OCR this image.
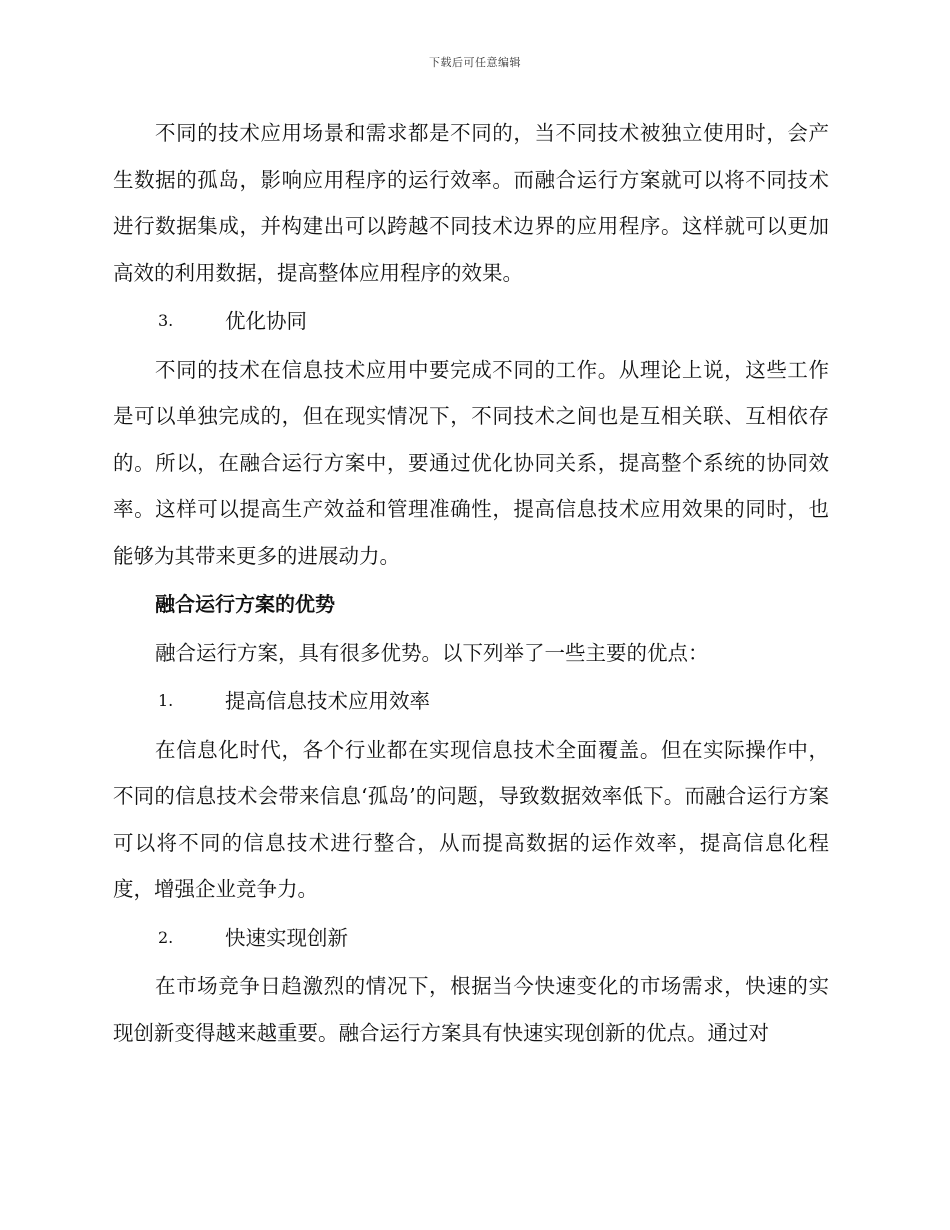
下载后可任意编辑

不同的技术应用场景和需求都是不同的，当不同技术被独立使用时，会产生数据的孤岛，影响应用程序的运行效率。而融合运行方案就可以将不同技术进行数据集成，并构建出可以跨越不同技术边界的应用程序。这样就可以更加高效的利用数据，提高整体应用程序的效果。

3.	优化协同

不同的技术在信息技术应用中要完成不同的工作。从理论上说，这些工作是可以单独完成的，但在现实情况下，不同技术之间也是互相关联、互相依存的。所以，在融合运行方案中，要通过优化协同关系，提高整个系统的协同效率。这样可以提高生产效益和管理准确性，提高信息技术应用效果的同时，也能够为其带来更多的进展动力。

融合运行方案的优势

融合运行方案，具有很多优势。以下列举了一些主要的优点：

1.	提高信息技术应用效率

在信息化时代，各个行业都在实现信息技术全面覆盖。但在实际操作中，不同的信息技术会带来信息‘孤岛’的问题，导致数据效率低下。而融合运行方案可以将不同的信息技术进行整合，从而提高数据的运作效率，提高信息化程度，增强企业竞争力。

2.	快速实现创新

在市场竞争日趋激烈的情况下，根据当今快速变化的市场需求，快速的实现创新变得越来越重要。融合运行方案具有快速实现创新的优点。通过对
